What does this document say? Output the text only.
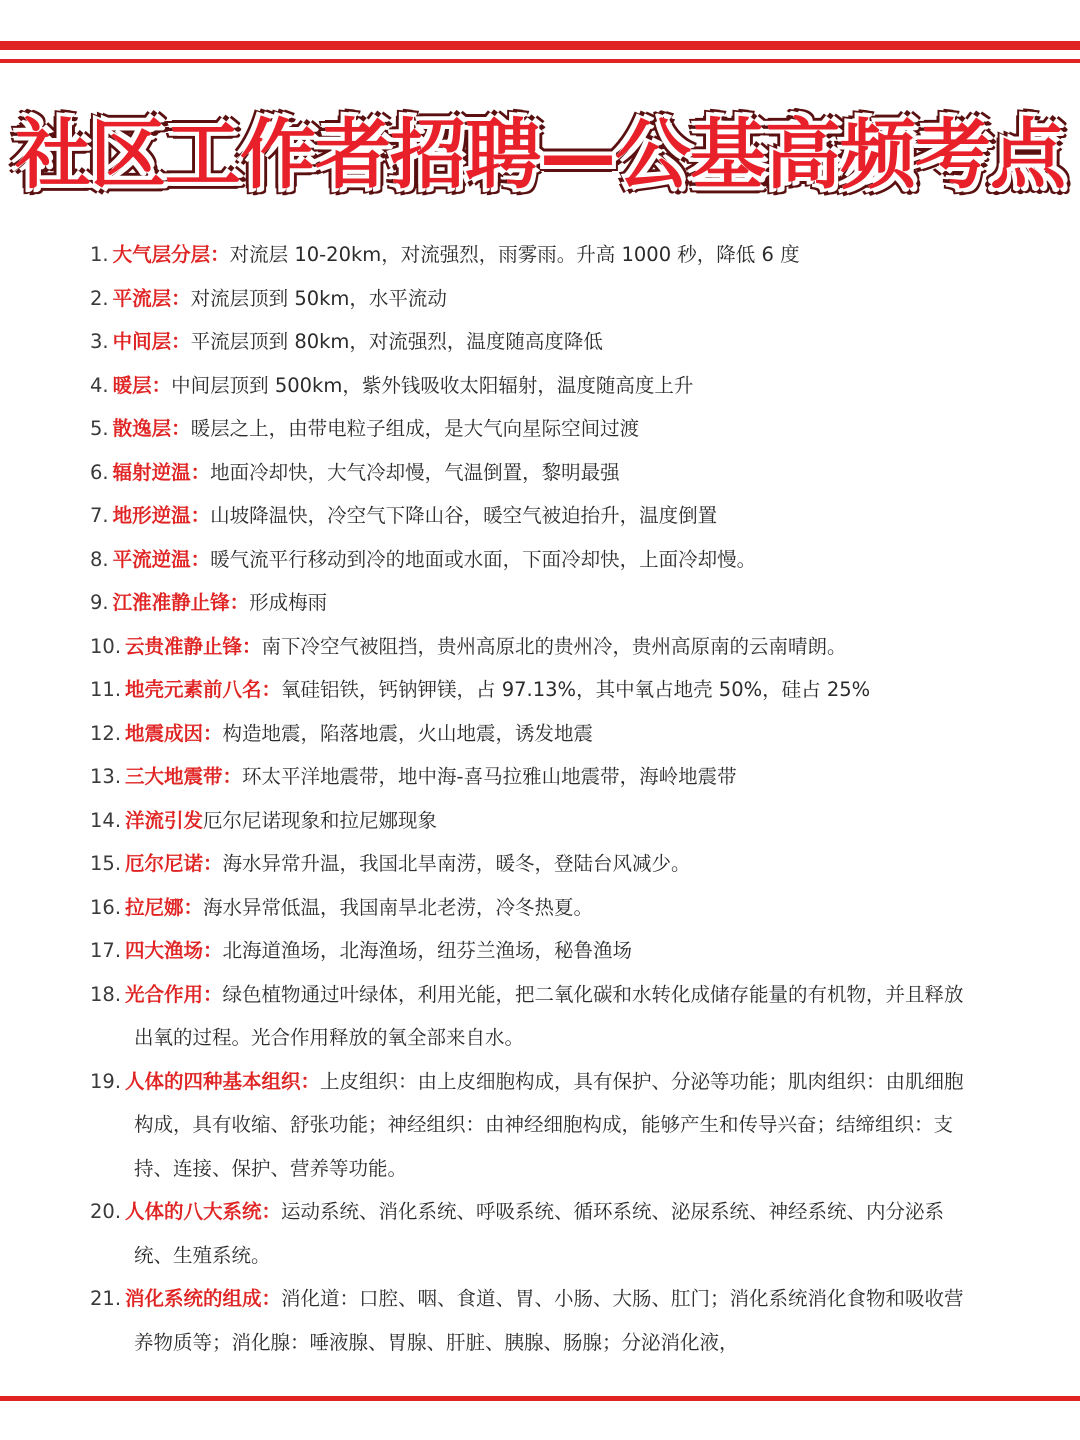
社区工作者招聘—公基高频考点
1. 大气层分层：对流层 10-20km，对流强烈，雨雾雨。升高 1000 秒，降低 6 度
2. 平流层：对流层顶到 50km，水平流动
3. 中间层：平流层顶到 80km，对流强烈，温度随高度降低
4. 暖层：中间层顶到 500km，紫外钱吸收太阳辐射，温度随高度上升
5. 散逸层：暖层之上，由带电粒子组成，是大气向星际空间过渡
6. 辐射逆温：地面冷却快，大气冷却慢，气温倒置，黎明最强
7. 地形逆温：山坡降温快，冷空气下降山谷，暖空气被迫抬升，温度倒置
8. 平流逆温：暖气流平行移动到冷的地面或水面，下面冷却快，上面冷却慢。
9. 江淮准静止锋：形成梅雨
10. 云贵准静止锋：南下冷空气被阻挡，贵州高原北的贵州冷，贵州高原南的云南晴朗。
11. 地壳元素前八名：氧硅铝铁，钙钠钾镁，占 97.13%，其中氧占地壳 50%，硅占 25%
12. 地震成因：构造地震，陷落地震，火山地震，诱发地震
13. 三大地震带：环太平洋地震带，地中海-喜马拉雅山地震带，海岭地震带
14. 洋流引发厄尔尼诺现象和拉尼娜现象
15. 厄尔尼诺：海水异常升温，我国北旱南涝，暖冬，登陆台风减少。
16. 拉尼娜：海水异常低温，我国南旱北老涝，冷冬热夏。
17. 四大渔场：北海道渔场，北海渔场，纽芬兰渔场，秘鲁渔场
18. 光合作用：绿色植物通过叶绿体，利用光能，把二氧化碳和水转化成储存能量的有机物，并且释放出氧的过程。光合作用释放的氧全部来自水。
19. 人体的四种基本组织：上皮组织：由上皮细胞构成，具有保护、分泌等功能；肌肉组织：由肌细胞构成，具有收缩、舒张功能；神经组织：由神经细胞构成，能够产生和传导兴奋；结缔组织：支持、连接、保护、营养等功能。
20. 人体的八大系统：运动系统、消化系统、呼吸系统、循环系统、泌尿系统、神经系统、内分泌系统、生殖系统。
21. 消化系统的组成：消化道：口腔、咽、食道、胃、小肠、大肠、肛门；消化系统消化食物和吸收营养物质等；消化腺：唾液腺、胃腺、肝脏、胰腺、肠腺；分泌消化液，
